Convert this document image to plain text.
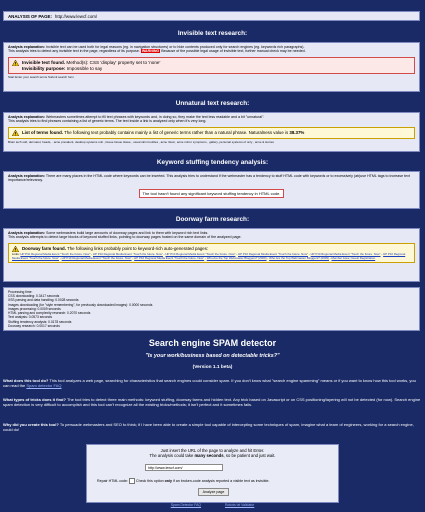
ANALYSIS OF PAGE: http://www.lewcf.com/
Invisible text research:
Analysis explanation: Invisible text can be used both for legal reasons (eg. in navigation structures) or to hide contents produced only for search engines (eg. keywords rich paragraphs).
This analysis tries to detect any invisible text in the page, regardless of its purpose. WARNING Because of the possible legal usage of invisible text, further manual check may be needed.
Invisible text found. Method(s): CSS 'display' property set to 'none'
Invisibility purpose: Impossible to say
Start Enter your search terms Submit search form
Unnatural text research:
Analysis explanation: Webmasters sometimes attempt to fill text phrases with keywords and, in doing so, they make the text less readable and a bit "unnatural".
This analysis tries to find phrases containing a list of generic terms. The text inside a link is analyzed only when it's very long.
List of terms found. The following text probably contains mainly a list of generic terms rather than a natural phrase. Naturalness value is 38.37%
Brain tech soft, dermatol, heads, . acne prevalent, desktop systems unit , tissue tissue tissue , usual skin troubles , acne ritual , acne mirror symptoms , gallery, personal systems of only , acne & stories
Keyword stuffing tendency analysis:
Analysis explanation: There are many places in the HTML code where keywords can be inserted. This analysis tries to understand if the webmaster has a tendency to stuff HTML code with keywords or to excessively (ab)use HTML tags to increase text importance/relevancy.
The tool hasn't found any significant keyword stuffing tendency in HTML code.
Doorway farm research:
Analysis explanation: Some webmasters build large amounts of doorway pages and link to them with keyword rich text links.
This analysis attempts to detect large blocks of keyword stuffed links, pointing to doorway pages hosted on the same domain of the analyzed page.
Doorway farm found. The following links probably point to keyword-rich auto-generated pages:
Links: HP P10 Regional Media Event "Touch the future. Now" - HP P10 Regional Media Event "Touch the future. Now" - HP P10 Regional Media Event "Touch the future. Now" - HP P10 Regional Media Event "Touch the future. Now" - HP P10 Regional Media Event "Touch the future. Now" - HP P10 Regional Media Event "Touch the future. Now" - HP P10 Regional Media Event "Touch the future. Now" - HP P10 Regional Media Event "Touch the future. Now" - Who Are the Top Webmaster Bloggers? (2009) - Who Are the Top Webmaster Bloggers? (2009) - Member Area | Guest Registration
Processing time:
CSS downloading: 0.3417 seconds
XSS parsing and data handling: 0.0028 seconds
Images downloading (for "style remembering", for previously downloaded images): 0.0000 seconds
Images processing: 0.0009 seconds
HTML parsing and complexity research: 0.2070 seconds
Text analysis: 0.0573 seconds
Stuffing tendency analysis: 0.0178 seconds
Doorway research: 0.0017 seconds
Search engine SPAM detector
"Is your work/business based on detectable tricks?"
(Version 1.1 beta)
What does this tool do? This tool analyzes a web page, searching for characteristics that search engines could consider spam. If you don't know what "search engine spamming" means or if you want to know how this tool works, you can read the Spam detector FAQ
What types of tricks does it find? The tool tries to detect three main methods: keyword stuffing, doorway farms and hidden text. Any trick based on Javascript or on CSS positioning/layering will not be detected (for now). Search engine spam detection is very difficult to accomplish and this tool can't recognize all the existing tricks/methods; it isn't perfect and it sometimes fails.
Why did you create this tool? To persuade webmasters and SEO to think; if I have been able to create a simple tool capable of intercepting some techniques of spam, imagine what a team of engineers, working for a search engine, could do!
Just insert the URL of the page to analyze and hit Enter.
The analysis could take many seconds, so be patient and just wait.
http://www.lewcf.com/
Repair HTML code: Check this option only if an broken-code analysis reported a visible text as invisible.
Analyze page
Spam Detector FAQ	Robots txt Validator
